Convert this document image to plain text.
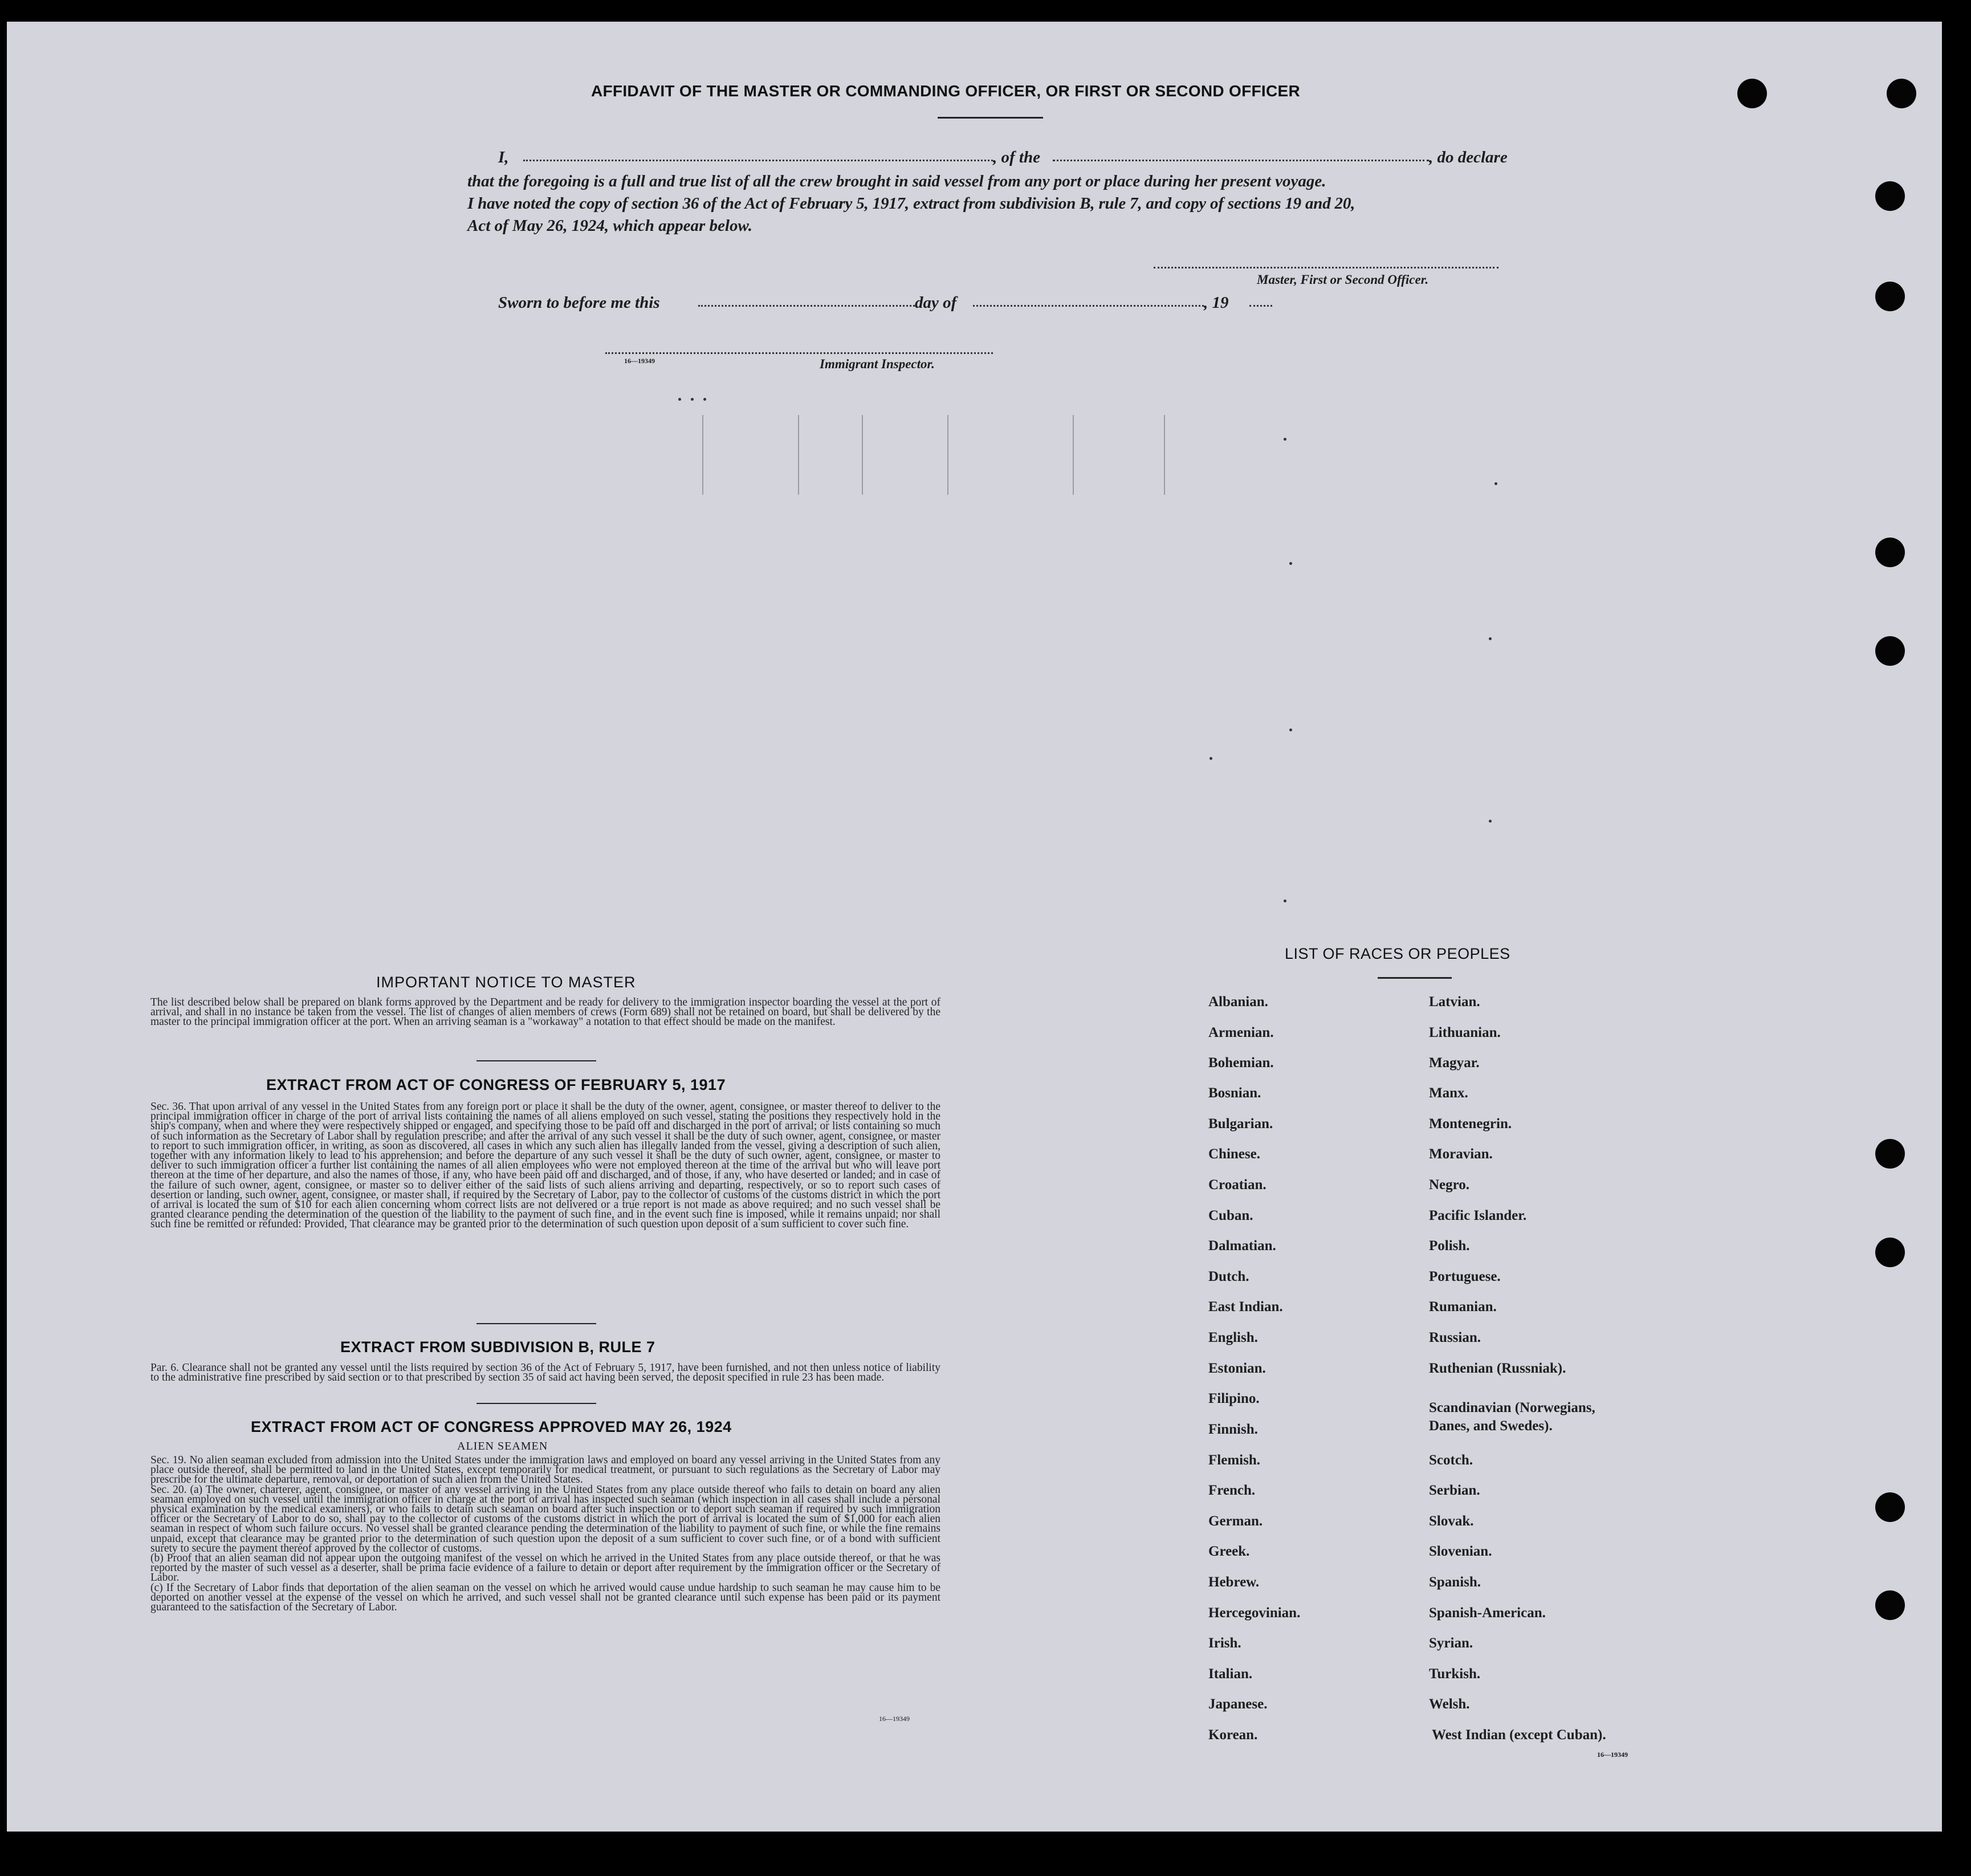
AFFIDAVIT OF THE MASTER OR COMMANDING OFFICER, OR FIRST OR SECOND OFFICER
I,	, of the	, do declare
that the foregoing is a full and true list of all the crew brought in said vessel from any port or place during her present voyage.
I have noted the copy of section 36 of the Act of February 5, 1917, extract from subdivision B, rule 7, and copy of sections 19 and 20,
Act of May 26, 1924, which appear below.
Master, First or Second Officer.
Sworn to before me this	day of	, 19
16—19349	Immigrant Inspector.
IMPORTANT NOTICE TO MASTER
The list described below shall be prepared on blank forms approved by the Department and be ready for delivery to the immigration inspector boarding the vessel at the port of arrival, and shall in no instance be taken from the vessel. The list of changes of alien members of crews (Form 689) shall not be retained on board, but shall be delivered by the master to the principal immigration officer at the port. When an arriving seaman is a "workaway" a notation to that effect should be made on the manifest.
EXTRACT FROM ACT OF CONGRESS OF FEBRUARY 5, 1917
Sec. 36. That upon arrival of any vessel in the United States from any foreign port or place it shall be the duty of the owner, agent, consignee, or master thereof to deliver to the principal immigration officer in charge of the port of arrival lists containing the names of all aliens employed on such vessel, stating the positions they respectively hold in the ship's company, when and where they were respectively shipped or engaged, and specifying those to be paid off and discharged in the port of arrival; or lists containing so much of such information as the Secretary of Labor shall by regulation prescribe; and after the arrival of any such vessel it shall be the duty of such owner, agent, consignee, or master to report to such immigration officer, in writing, as soon as discovered, all cases in which any such alien has illegally landed from the vessel, giving a description of such alien, together with any information likely to lead to his apprehension; and before the departure of any such vessel it shall be the duty of such owner, agent, consignee, or master to deliver to such immigration officer a further list containing the names of all alien employees who were not employed thereon at the time of the arrival but who will leave port thereon at the time of her departure, and also the names of those, if any, who have been paid off and discharged, and of those, if any, who have deserted or landed; and in case of the failure of such owner, agent, consignee, or master so to deliver either of the said lists of such aliens arriving and departing, respectively, or so to report such cases of desertion or landing, such owner, agent, consignee, or master shall, if required by the Secretary of Labor, pay to the collector of customs of the customs district in which the port of arrival is located the sum of $10 for each alien concerning whom correct lists are not delivered or a true report is not made as above required; and no such vessel shall be granted clearance pending the determination of the question of the liability to the payment of such fine, and in the event such fine is imposed, while it remains unpaid; nor shall such fine be remitted or refunded: Provided, That clearance may be granted prior to the determination of such question upon deposit of a sum sufficient to cover such fine.
EXTRACT FROM SUBDIVISION B, RULE 7
Par. 6. Clearance shall not be granted any vessel until the lists required by section 36 of the Act of February 5, 1917, have been furnished, and not then unless notice of liability to the administrative fine prescribed by said section or to that prescribed by section 35 of said act having been served, the deposit specified in rule 23 has been made.
EXTRACT FROM ACT OF CONGRESS APPROVED MAY 26, 1924
ALIEN SEAMEN
Sec. 19. No alien seaman excluded from admission into the United States under the immigration laws and employed on board any vessel arriving in the United States from any place outside thereof, shall be permitted to land in the United States, except temporarily for medical treatment, or pursuant to such regulations as the Secretary of Labor may prescribe for the ultimate departure, removal, or deportation of such alien from the United States.
Sec. 20. (a) The owner, charterer, agent, consignee, or master of any vessel arriving in the United States from any place outside thereof who fails to detain on board any alien seaman employed on such vessel until the immigration officer in charge at the port of arrival has inspected such seaman (which inspection in all cases shall include a personal physical examination by the medical examiners), or who fails to detain such seaman on board after such inspection or to deport such seaman if required by such immigration officer or the Secretary of Labor to do so, shall pay to the collector of customs of the customs district in which the port of arrival is located the sum of $1,000 for each alien seaman in respect of whom such failure occurs. No vessel shall be granted clearance pending the determination of the liability to payment of such fine, or while the fine remains unpaid, except that clearance may be granted prior to the determination of such question upon the deposit of a sum sufficient to cover such fine, or of a bond with sufficient surety to secure the payment thereof approved by the collector of customs.
(b) Proof that an alien seaman did not appear upon the outgoing manifest of the vessel on which he arrived in the United States from any place outside thereof, or that he was reported by the master of such vessel as a deserter, shall be prima facie evidence of a failure to detain or deport after requirement by the immigration officer or the Secretary of Labor.
(c) If the Secretary of Labor finds that deportation of the alien seaman on the vessel on which he arrived would cause undue hardship to such seaman he may cause him to be deported on another vessel at the expense of the vessel on which he arrived, and such vessel shall not be granted clearance until such expense has been paid or its payment guaranteed to the satisfaction of the Secretary of Labor.
16—19349
LIST OF RACES OR PEOPLES
Albanian.
Armenian.
Bohemian.
Bosnian.
Bulgarian.
Chinese.
Croatian.
Cuban.
Dalmatian.
Dutch.
East Indian.
English.
Estonian.
Filipino.
Finnish.
Flemish.
French.
German.
Greek.
Hebrew.
Hercegovinian.
Irish.
Italian.
Japanese.
Korean.
Latvian.
Lithuanian.
Magyar.
Manx.
Montenegrin.
Moravian.
Negro.
Pacific Islander.
Polish.
Portuguese.
Rumanian.
Russian.
Ruthenian (Russniak).
Scandinavian (Norwegians, Danes, and Swedes).
Scotch.
Serbian.
Slovak.
Slovenian.
Spanish.
Spanish-American.
Syrian.
Turkish.
Welsh.
West Indian (except Cuban).
16—19349
